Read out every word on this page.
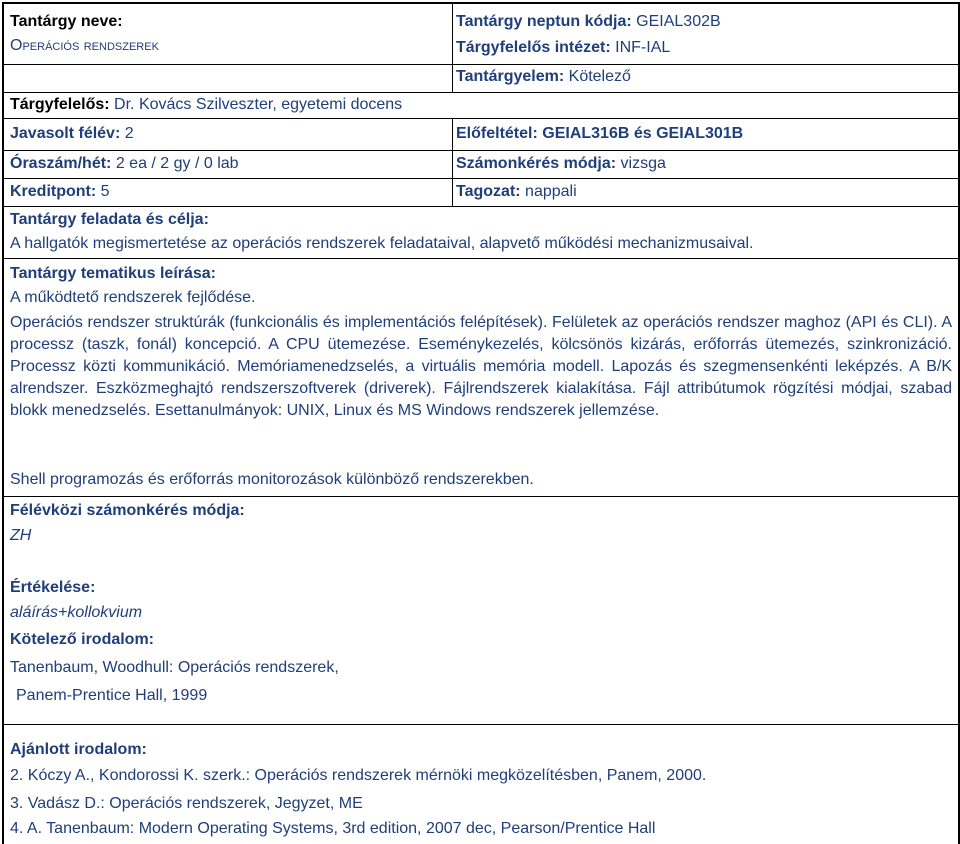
Tantárgy neve:
Operációs rendszerek
Tantárgy neptun kódja: GEIAL302B
Tárgyfelelős intézet: INF-IAL
Tantárgyelem: Kötelező
Tárgyfelelős: Dr. Kovács Szilveszter, egyetemi docens
Javasolt félév: 2	Előfeltétel: GEIAL316B és GEIAL301B
Óraszám/hét: 2 ea / 2 gy / 0 lab	Számonkérés módja: vizsga
Kreditpont: 5	Tagozat: nappali
Tantárgy feladata és célja:
A hallgatók megismertetése az operációs rendszerek feladataival, alapvető működési mechanizmusaival.
Tantárgy tematikus leírása:
A működtető rendszerek fejlődése.
Operációs rendszer struktúrák (funkcionális és implementációs felépítések). Felületek az operációs rendszer maghoz (API és CLI). A processz (taszk, fonál) koncepció. A CPU ütemezése. Eseménykezelés, kölcsönös kizárás, erőforrás ütemezés, szinkronizáció. Processz közti kommunikáció. Memóriamenedzselés, a virtuális memória modell. Lapozás és szegmensenkénti leképzés. A B/K alrendszer. Eszközmeghajtó rendszerszoftverek (driverek). Fájlrendszerek kialakítása. Fájl attribútumok rögzítési módjai, szabad blokk menedzselés. Esettanulmányok: UNIX, Linux és MS Windows rendszerek jellemzése.
Shell programozás és erőforrás monitorozások különböző rendszerekben.
Félévközi számonkérés módja:
ZH
Értékelése:
aláírás+kollokvium
Kötelező irodalom:
Tanenbaum, Woodhull: Operációs rendszerek,
Panem-Prentice Hall, 1999
Ajánlott irodalom:
2. Kóczy A., Kondorossi K. szerk.: Operációs rendszerek mérnöki megközelítésben, Panem, 2000.
3. Vadász D.: Operációs rendszerek, Jegyzet, ME
4. A. Tanenbaum: Modern Operating Systems, 3rd edition, 2007 dec, Pearson/Prentice Hall
